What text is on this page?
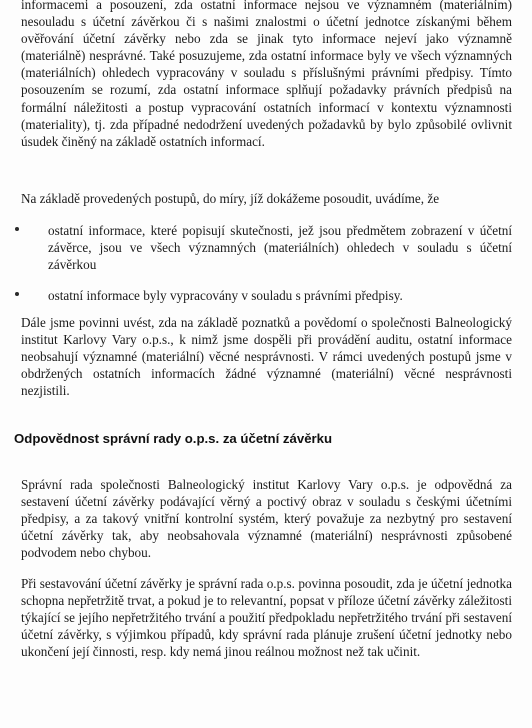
informacemi a posouzení, zda ostatní informace nejsou ve významném (materiálním) nesouladu s účetní závěrkou či s našimi znalostmi o účetní jednotce získanými během ověřování účetní závěrky nebo zda se jinak tyto informace nejeví jako významně (materiálně) nesprávné. Také posuzujeme, zda ostatní informace byly ve všech významných (materiálních) ohledech vypracovány v souladu s příslušnými právními předpisy. Tímto posouzením se rozumí, zda ostatní informace splňují požadavky právních předpisů na formální náležitosti a postup vypracování ostatních informací v kontextu významnosti (materiality), tj. zda případné nedodržení uvedených požadavků by bylo způsobilé ovlivnit úsudek činěný na základě ostatních informací.

Na základě provedených postupů, do míry, jíž dokážeme posoudit, uvádíme, že

ostatní informace, které popisují skutečnosti, jež jsou předmětem zobrazení v účetní závěrce, jsou ve všech významných (materiálních) ohledech v souladu s účetní závěrkou
ostatní informace byly vypracovány v souladu s právními předpisy.

Dále jsme povinni uvést, zda na základě poznatků a povědomí o společnosti Balneologický institut Karlovy Vary o.p.s., k nimž jsme dospěli při provádění auditu, ostatní informace neobsahují významné (materiální) věcné nesprávnosti. V rámci uvedených postupů jsme v obdržených ostatních informacích žádné významné (materiální) věcné nesprávnosti nezjistili.

Odpovědnost správní rady o.p.s. za účetní závěrku

Správní rada společnosti Balneologický institut Karlovy Vary o.p.s. je odpovědná za sestavení účetní závěrky podávající věrný a poctivý obraz v souladu s českými účetními předpisy, a za takový vnitřní kontrolní systém, který považuje za nezbytný pro sestavení účetní závěrky tak, aby neobsahovala významné (materiální) nesprávnosti způsobené podvodem nebo chybou.

Při sestavování účetní závěrky je správní rada o.p.s. povinna posoudit, zda je účetní jednotka schopna nepřetržitě trvat, a pokud je to relevantní, popsat v příloze účetní závěrky záležitosti týkající se jejího nepřetržitého trvání a použití předpokladu nepřetržitého trvání při sestavení účetní závěrky, s výjimkou případů, kdy správní rada plánuje zrušení účetní jednotky nebo ukončení její činnosti, resp. kdy nemá jinou reálnou možnost než tak učinit.
